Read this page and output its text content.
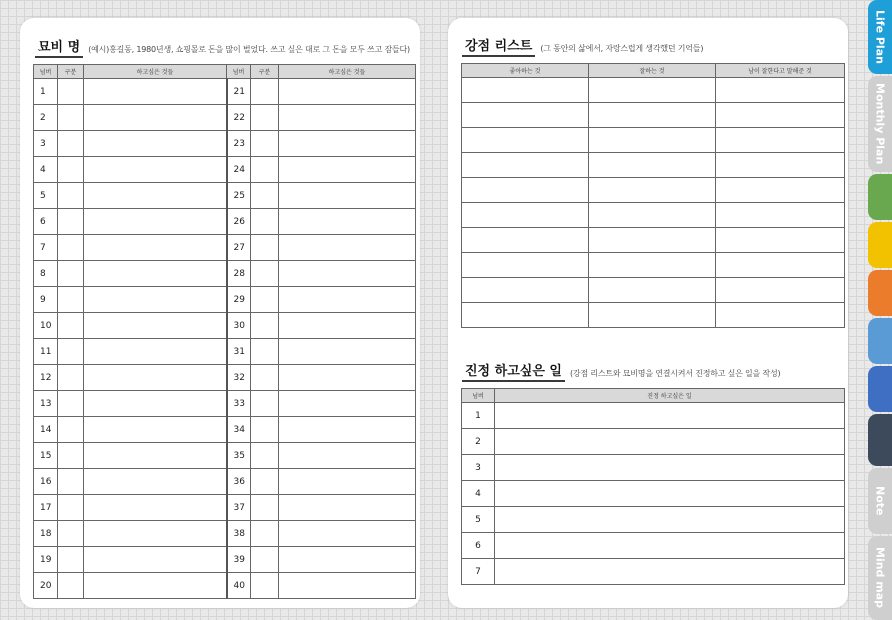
묘비 명	(예시)홍길동, 1980년생, 쇼핑몰로 돈을 많이 벌었다. 쓰고 싶은 대로 그 돈을 모두 쓰고 잠들다)
넘버	구분	하고싶은 것들	넘버	구분	하고싶은 것들
1			21		
2			22		
3			23		
4			24		
5			25		
6			26		
7			27		
8			28		
9			29		
10			30		
11			31		
12			32		
13			33		
14			34		
15			35		
16			36		
17			37		
18			38		
19			39		
20			40		
강점 리스트	(그 동안의 삶에서, 자랑스럽게 생각했던 기억들)
좋아하는 것	잘하는 것	남이 잘한다고 말해준 것

진정 하고싶은 일	(강점 리스트와 묘비명을 연결시켜서 진정하고 싶은 일을 작성)
넘버	진정 하고싶은 일
1	
2	
3	
4	
5	
6	
7	
Life Plan
Monthly Plan
Note
Mind map
